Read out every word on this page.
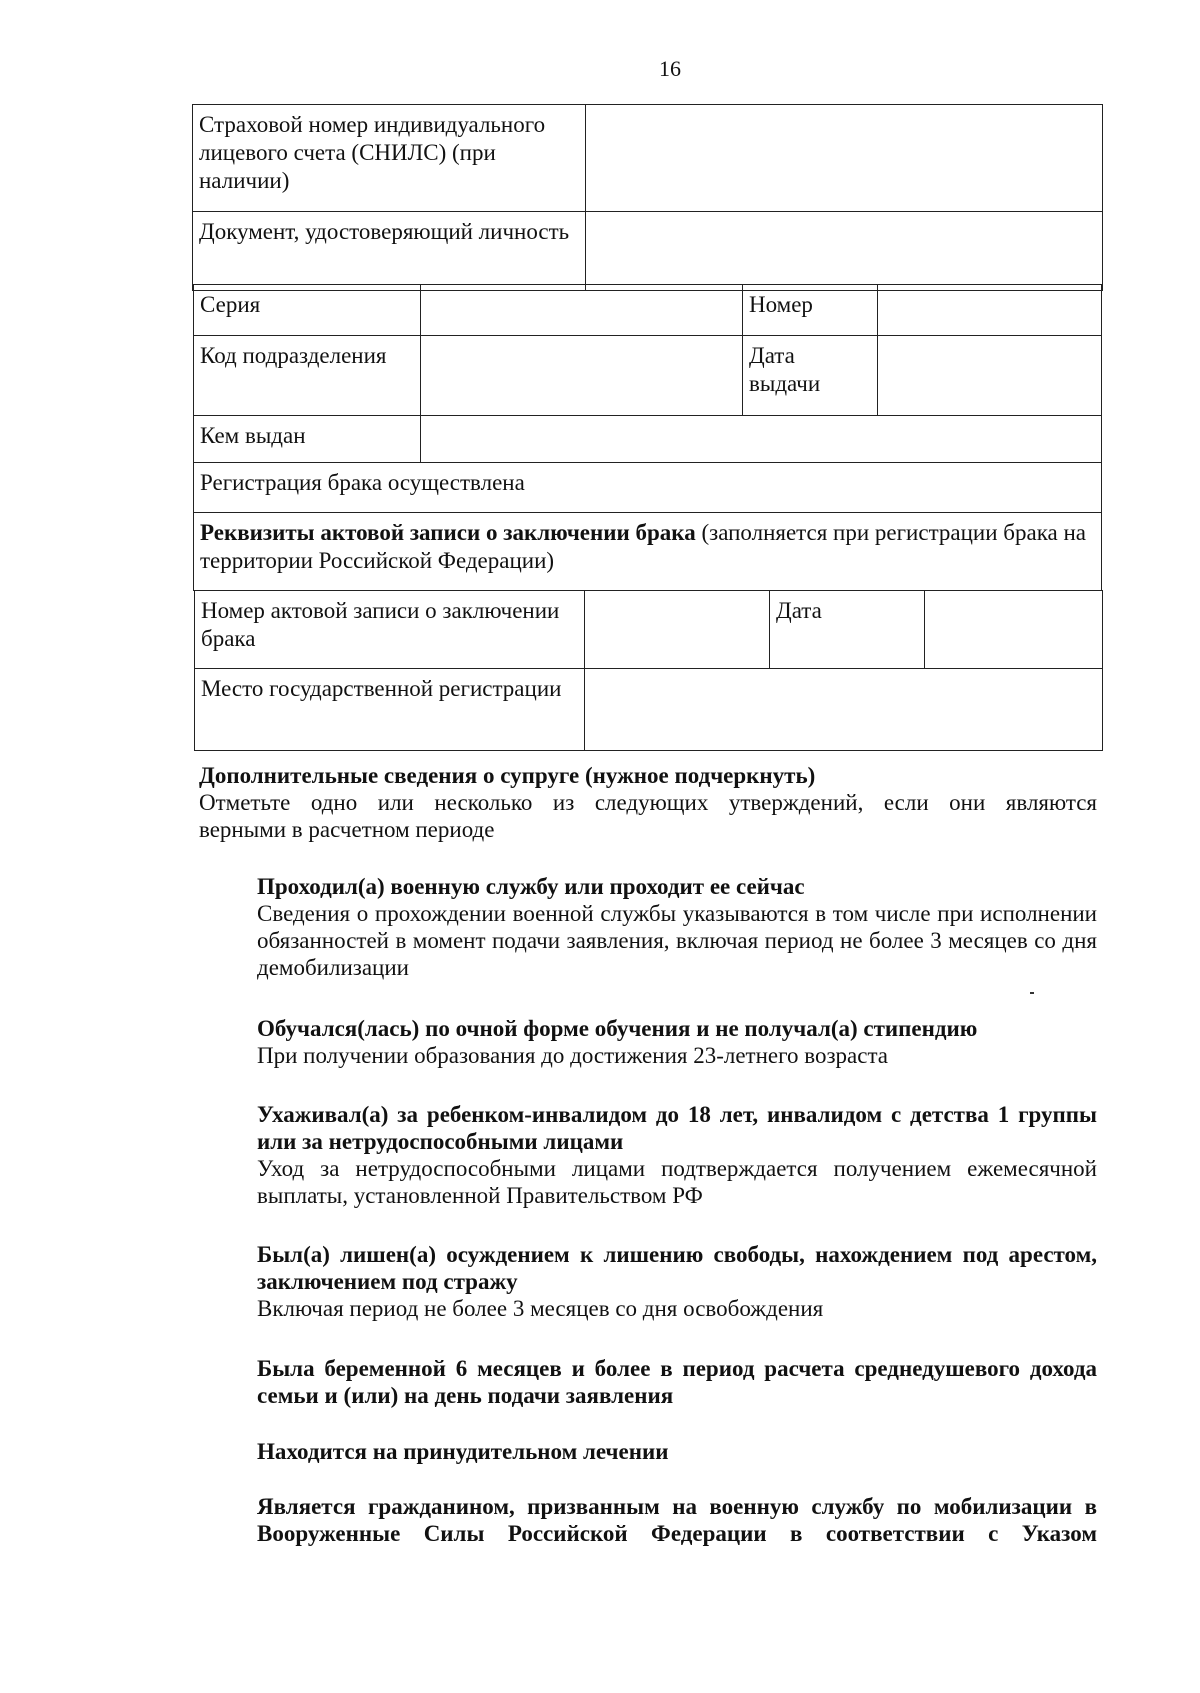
16
Страховой номер индивидуального лицевого счета (СНИЛС) (при наличии)	
Документ, удостоверяющий личность	
Серия		Номер	
Код подразделения		Дата выдачи	
Кем выдан			
Регистрация брака осуществлена			
Реквизиты актовой записи о заключении брака (заполняется при регистрации брака на территории Российской Федерации)			
Номер актовой записи о заключении брака		Дата	
Место государственной регистрации			
Дополнительные сведения о супруге (нужное подчеркнуть)
Отметьте одно или несколько из следующих утверждений, если они являются
верными в расчетном периоде
Проходил(а) военную службу или проходит ее сейчас
Сведения о прохождении военной службы указываются в том числе при исполнении обязанностей в момент подачи заявления, включая период не более 3 месяцев со дня демобилизации
Обучался(лась) по очной форме обучения и не получал(а) стипендию
При получении образования до достижения 23-летнего возраста
Ухаживал(а) за ребенком-инвалидом до 18 лет, инвалидом с детства 1 группы или за нетрудоспособными лицами
Уход за нетрудоспособными лицами подтверждается получением ежемесячной выплаты, установленной Правительством РФ
Был(а) лишен(а) осуждением к лишению свободы, нахождением под арестом, заключением под стражу
Включая период не более 3 месяцев со дня освобождения
Была беременной 6 месяцев и более в период расчета среднедушевого дохода семьи и (или) на день подачи заявления
Находится на принудительном лечении
Является гражданином, призванным на военную службу по мобилизации в Вооруженные Силы Российской Федерации в соответствии с Указом
